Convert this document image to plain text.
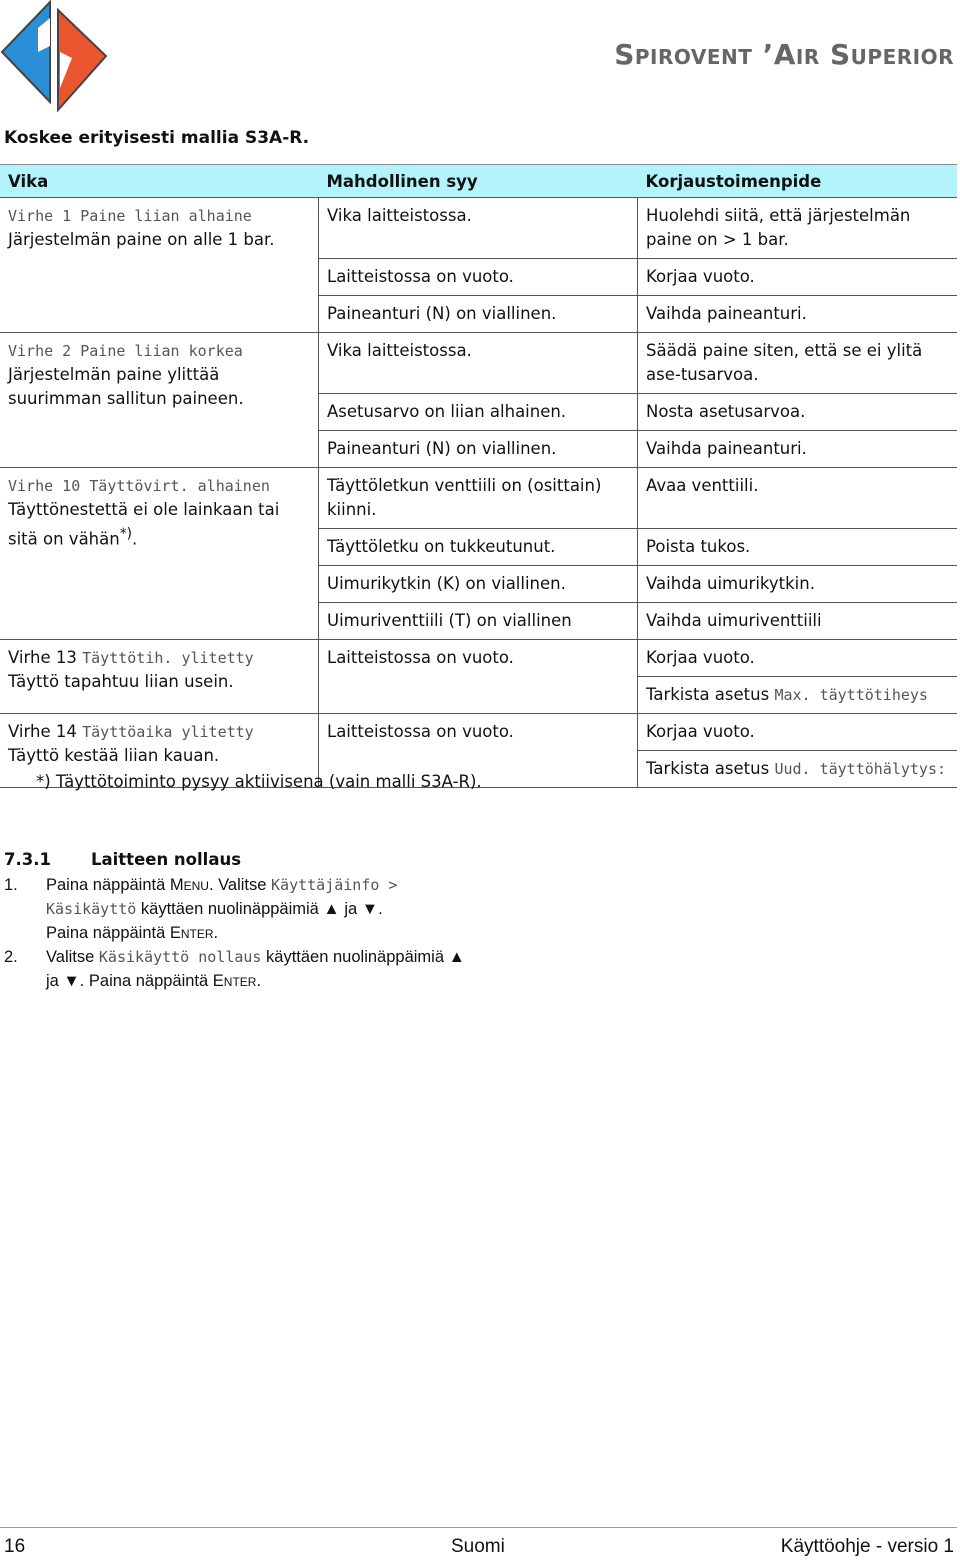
Spirovent ’Air Superior
Koskee erityisesti mallia S3A-R.
Vika	Mahdollinen syy	Korjaustoimenpide

Virhe 1 Paine liian alhaine
Järjestelmän paine on alle 1 bar.	Vika laitteistossa.	Huolehdi siitä, että järjestelmän paine on > 1 bar.
	Laitteistossa on vuoto.	Korjaa vuoto.
	Paineanturi (N) on viallinen.	Vaihda paineanturi.

Virhe 2 Paine liian korkea
Järjestelmän paine ylittää suurimman sallitun paineen.	Vika laitteistossa.	Säädä paine siten, että se ei ylitä ase-tusarvoa.
	Asetusarvo on liian alhainen.	Nosta asetusarvoa.
	Paineanturi (N) on viallinen.	Vaihda paineanturi.

Virhe 10 Täyttövirt. alhainen
Täyttönestettä ei ole lainkaan tai sitä on vähän*).	Täyttöletkun venttiili on (osittain) kiinni.	Avaa venttiili.
	Täyttöletku on tukkeutunut.	Poista tukos.
	Uimurikytkin (K) on viallinen.	Vaihda uimurikytkin.
	Uimuriventtiili (T) on viallinen	Vaihda uimuriventtiili

Virhe 13 Täyttötih. ylitetty
Täyttö tapahtuu liian usein.	Laitteistossa on vuoto.	Korjaa vuoto.
		Tarkista asetus Max. täyttötiheys

Virhe 14 Täyttöaika ylitetty
Täyttö kestää liian kauan.	Laitteistossa on vuoto.	Korjaa vuoto.
		Tarkista asetus Uud. täyttöhälytys:
*) Täyttötoiminto pysyy aktiivisena (vain malli S3A-R).
7.3.1 Laitteen nollaus
1.	Paina näppäintä Menu. Valitse Käyttäjäinfo > Käsikäyttö käyttäen nuolinäppäimiä ▲ ja ▼.
Paina näppäintä Enter.
2.	Valitse Käsikäyttö nollaus käyttäen nuolinäppäimiä ▲ ja ▼. Paina näppäintä Enter.
16	Suomi	Käyttöohje - versio 1
